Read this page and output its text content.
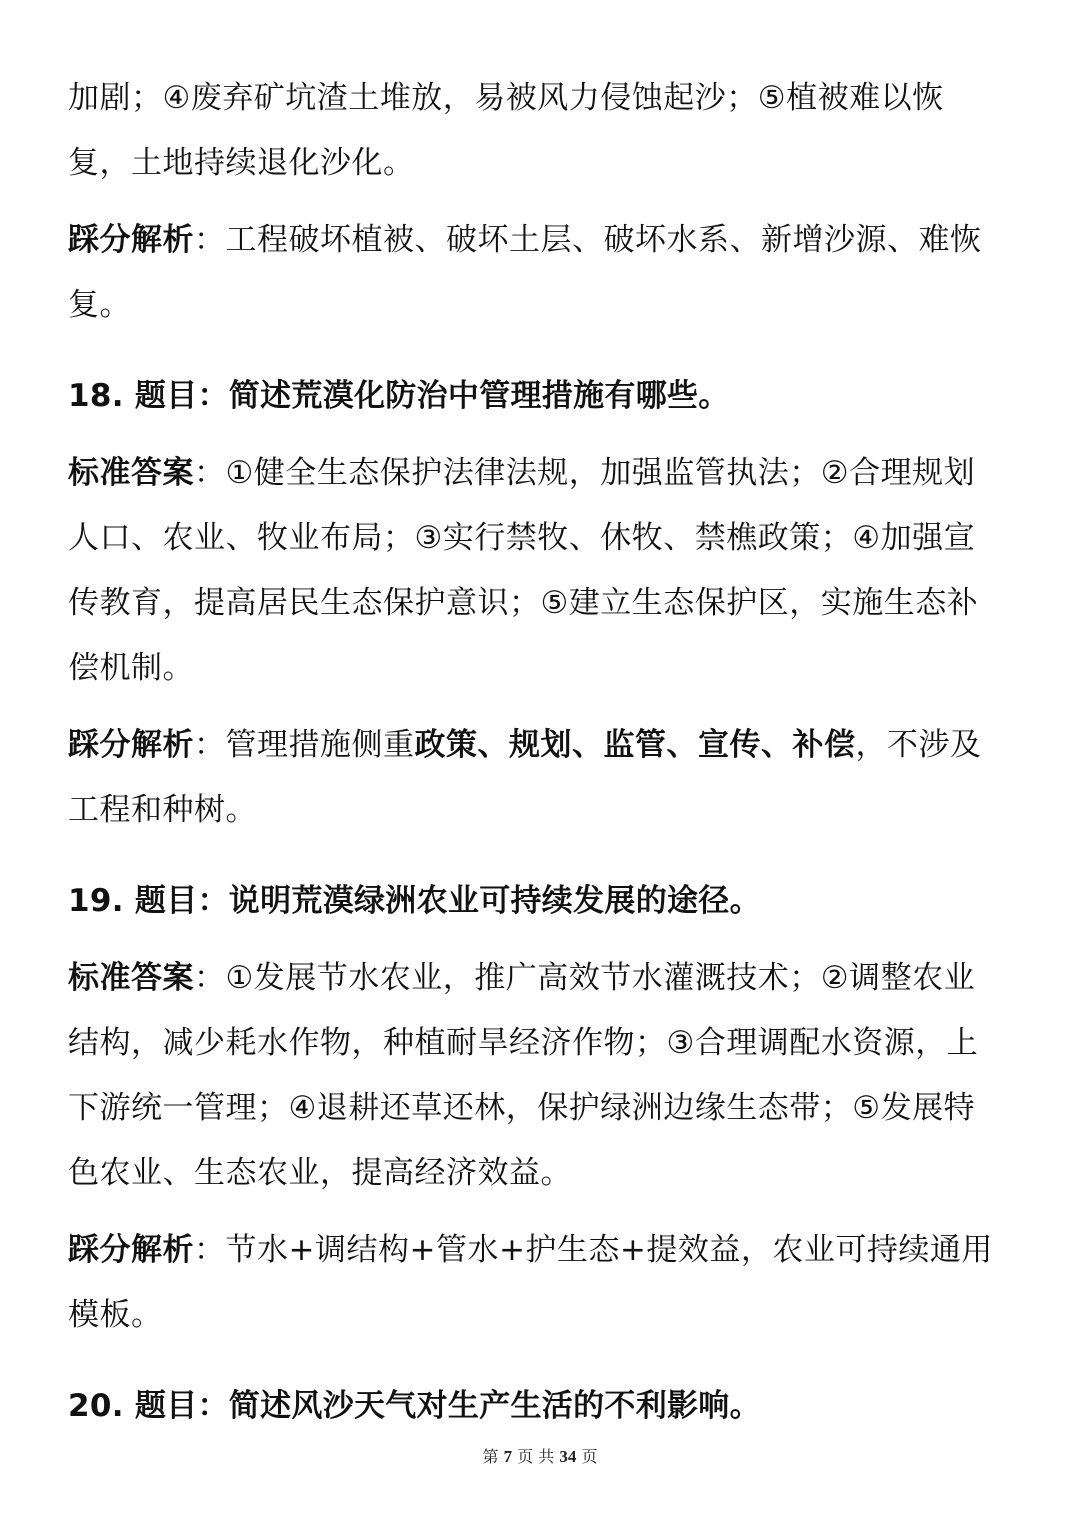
加剧；④废弃矿坑渣土堆放，易被风力侵蚀起沙；⑤植被难以恢复，土地持续退化沙化。

踩分解析：工程破坏植被、破坏土层、破坏水系、新增沙源、难恢复。

18. 题目：简述荒漠化防治中管理措施有哪些。

标准答案：①健全生态保护法律法规，加强监管执法；②合理规划人口、农业、牧业布局；③实行禁牧、休牧、禁樵政策；④加强宣传教育，提高居民生态保护意识；⑤建立生态保护区，实施生态补偿机制。

踩分解析：管理措施侧重政策、规划、监管、宣传、补偿，不涉及工程和种树。

19. 题目：说明荒漠绿洲农业可持续发展的途径。

标准答案：①发展节水农业，推广高效节水灌溉技术；②调整农业结构，减少耗水作物，种植耐旱经济作物；③合理调配水资源，上下游统一管理；④退耕还草还林，保护绿洲边缘生态带；⑤发展特色农业、生态农业，提高经济效益。

踩分解析：节水+调结构+管水+护生态+提效益，农业可持续通用模板。

20. 题目：简述风沙天气对生产生活的不利影响。

第 7 页 共 34 页
